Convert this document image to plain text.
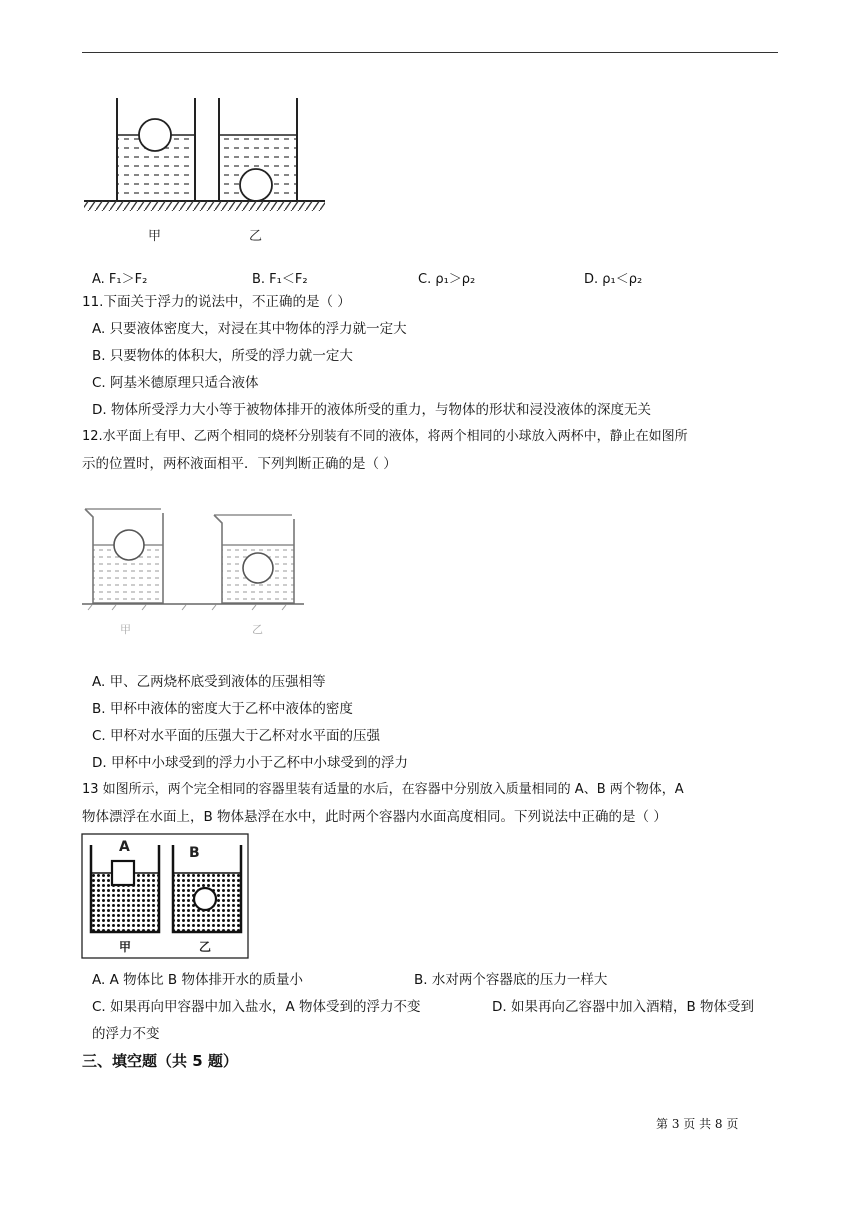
甲	乙
A. F₁＞F₂	B. F₁＜F₂	C. ρ₁＞ρ₂	D. ρ₁＜ρ₂
11.下面关于浮力的说法中，不正确的是（ ）
A. 只要液体密度大，对浸在其中物体的浮力就一定大
B. 只要物体的体积大，所受的浮力就一定大
C. 阿基米德原理只适合液体
D. 物体所受浮力大小等于被物体排开的液体所受的重力，与物体的形状和浸没液体的深度无关
12.水平面上有甲、乙两个相同的烧杯分别装有不同的液体，将两个相同的小球放入两杯中，静止在如图所
示的位置时，两杯液面相平．下列判断正确的是（ ）
甲	乙
A. 甲、乙两烧杯底受到液体的压强相等
B. 甲杯中液体的密度大于乙杯中液体的密度
C. 甲杯对水平面的压强大于乙杯对水平面的压强
D. 甲杯中小球受到的浮力小于乙杯中小球受到的浮力
13 如图所示，两个完全相同的容器里装有适量的水后，在容器中分别放入质量相同的 A、B 两个物体，A
物体漂浮在水面上，B 物体悬浮在水中，此时两个容器内水面高度相同。下列说法中正确的是（ ）
A	B
甲	乙
A. A 物体比 B 物体排开水的质量小	B. 水对两个容器底的压力一样大
C. 如果再向甲容器中加入盐水，A 物体受到的浮力不变	D. 如果再向乙容器中加入酒精，B 物体受到
的浮力不变
三、填空题（共 5 题）
第 3 页 共 8 页
